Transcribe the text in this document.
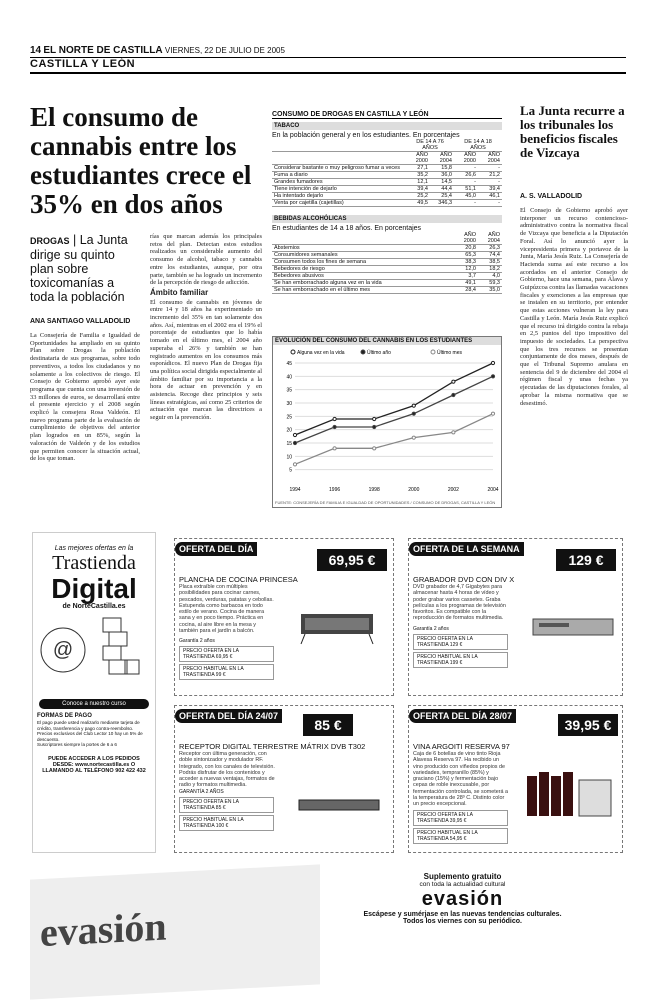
14 EL NORTE DE CASTILLA VIERNES, 22 DE JULIO DE 2005
CASTILLA Y LEÓN
El consumo de cannabis entre los estudiantes crece el 35% en dos años
DROGAS | La Junta dirige su quinto plan sobre toxicomanías a toda la población
ANA SANTIAGO VALLADOLID
La Consejería de Familia e Igualdad de Oportunidades ha ampliado en su quinto Plan sobre Drogas la población destinataria de sus programas, sobre todo preventivos, a todos los ciudadanos y no solamente a los colectivos de riesgo. El Consejo de Gobierno aprobó ayer este programa que cuenta con una inversión de 33 millones de euros, se desarrollará entre el presente ejercicio y el 2008 según explicó la consejera Rosa Valdeón. El nuevo programa parte de la evaluación de cumplimiento de objetivos del anterior plan logrados en un 85%, según la valoración de Valdeón y de los estudios que permiten conocer la situación actual, de los que toman.
rías que marcan además los principales retos del plan. Detectan estos estudios realizados un considerable aumento del consumo de alcohol, tabaco y cannabis entre los estudiantes, aunque, por otra parte, también se ha logrado un incremento de la percepción de riesgo de adicción.
Ámbito familiar
El consumo de cannabis en jóvenes de entre 14 y 18 años ha experimentado un incremento del 35% en tan solamente dos años. Así, mientras en el 2002 era el 19% el porcentaje de estudiantes que lo había tomado en el último mes, el 2004 año superaba el 26% y también se han registrado aumentos en los consumos más esporádicos. El nuevo Plan de Drogas fija una política social dirigida especialmente al ámbito familiar por su importancia a la hora de actuar en prevención y en asistencia. Recoge diez principios y seis líneas estratégicas, así como 25 criterios de actuación que marcan las directrices a seguir en la prevención.
CONSUMO DE DROGAS EN CASTILLA Y LEÓN
TABACO
En la población general y en los estudiantes. En porcentajes
	DE 14 A 76 AÑOS		DE 14 A 18 AÑOS	
	AÑO 2000	AÑO 2004	AÑO 2000	AÑO 2004
Considerar bastante o muy peligroso fumar a veces	27,1	15,8	-	-
Fuma a diario	35,2	36,0	26,6	21,2
Grandes fumadores	12,1	14,5	-	-
Tiene intención de dejarlo	39,4	44,4	51,1	39,4
Ha intentado dejarlo	25,2	25,4	45,0	46,1
Venta por cajetilla (cajetillas)	49,5	346,3	-	-
BEBIDAS ALCOHÓLICAS
En estudiantes de 14 a 18 años. En porcentajes
	AÑO 2000	AÑO 2004
Abstemios	20,8	26,3
Consumidores semanales	65,3	74,4
Consumen todos los fines de semana	38,3	38,5
Bebedores de riesgo	12,0	18,2
Bebedores abusivos	3,7	4,0
Se han emborrachado alguna vez en la vida	49,1	59,3
Se han emborrachado en el último mes	28,4	35,0
EVOLUCIÓN DEL CONSUMO DEL CANNABIS EN LOS ESTUDIANTES
5
10
15
20
25
30
35
40
45
1994	1996	1998	2000	2002	2004
Alguna vez en la vida	Último año	Último mes
FUENTE: CONSEJERÍA DE FAMILIA E IGUALDAD DE OPORTUNIDADES / CONSUMO DE DROGAS, CASTILLA Y LEÓN
La Junta recurre a los tribunales los beneficios fiscales de Vizcaya
A. S. VALLADOLID
El Consejo de Gobierno aprobó ayer interponer un recurso contencioso-administrativo contra la normativa fiscal de Vizcaya que beneficia a la Diputación Foral. Así lo anunció ayer la vicepresidenta primera y portavoz de la Junta, María Jesús Ruiz. La Consejería de Hacienda suma así este recurso a los acordados en el anterior Consejo de Gobierno, hace una semana, para Álava y Guipúzcoa contra las llamadas vacaciones fiscales y exenciones a las empresas que se instalen en su territorio, por entender que estas acciones vulneran la ley para Castilla y León. María Jesús Ruiz explicó que el recurso irá dirigido contra la rebaja en 2,5 puntos del tipo impositivo del impuesto de sociedades. La perspectiva que los tres recursos se presentan conjuntamente de dos meses, después de que el Tribunal Supremo anulara en sentencia del 9 de diciembre del 2004 el régimen fiscal y unas fechas ya ejecutadas de las diputaciones forales, al aprobar la misma normativa que se desestimó.
Las mejores ofertas en la
Trastienda
Digital
de NorteCastilla.es
@
Conoce a nuestro curso
FORMAS DE PAGO
El pago puede usted realizarlo mediante tarjeta de crédito, transferencia y pago contra-reembolso.
Precios exclusivos del Club Lector 10 hay un 5% de descuento.
Suscriptores siempre la portes de 6 a 6
PUEDE ACCEDER A LOS PEDIDOS DESDE: www.nortecastilla.es O LLAMANDO AL TELÉFONO 902 422 432
OFERTA DEL DÍA
69,95 €
PLANCHA DE COCINA PRINCESA
Placa extraíble con múltiples posibilidades para cocinar carnes, pescados, verduras, patatas y cebollas. Estupenda como barbacoa en todo estilo de verano. Cocina de manera sana y en poco tiempo. Práctica en cocina, al aire libre en la mesa y también para el jardín a balcón.
Garantía 2 años
PRECIO OFERTA EN LA TRASTIENDA 69,95 €
PRECIO HABITUAL EN LA TRASTIENDA 99 €
OFERTA DE LA SEMANA
129 €
GRABADOR DVD CON DIV X
DVD grabador de 4,7 Gigabytes para almacenar hasta 4 horas de vídeo y poder grabar varios cassetes. Graba películas a los programas de televisión favoritos. Es compatible con la reproducción de formatos multimedia.
Garantía 2 años
PRECIO OFERTA EN LA TRASTIENDA 129 €
PRECIO HABITUAL EN LA TRASTIENDA 199 €
OFERTA DEL DÍA 24/07
85 €
RECEPTOR DIGITAL TERRESTRE MÁTRIX DVB T302
Receptor con última generación, con doble sintonizador y modulador RF. Integrado, con los canales de televisión. Podrás disfrutar de los contenidos y acceder a nuevas ventajas, formatos de radio y formatos multimedia.
GARANTÍA 2 AÑOS
PRECIO OFERTA EN LA TRASTIENDA 85 €
PRECIO HABITUAL EN LA TRASTIENDA 100 €
OFERTA DEL DÍA 28/07
39,95 €
VINA ARGOITI RESERVA 97
Caja de 6 botellas de vino tinto Rioja Alavesa Reserva 97. Ha recibido un vino producido con viñedos propios de variedades, tempranillo (85%) y graciano (15%) y fermentación bajo cepas de roble inexcusable, por fermentación controlada, se someterá a la temperatura de 28º C. Distinto color un precio excepcional.
PRECIO OFERTA EN LA TRASTIENDA 39,95 €
PRECIO HABITUAL EN LA TRASTIENDA 54,95 €
evasión
Suplemento gratuito
con toda la actualidad cultural
evasión
Escápese y sumérjase en las nuevas tendencias culturales.
Todos los viernes con su periódico.
